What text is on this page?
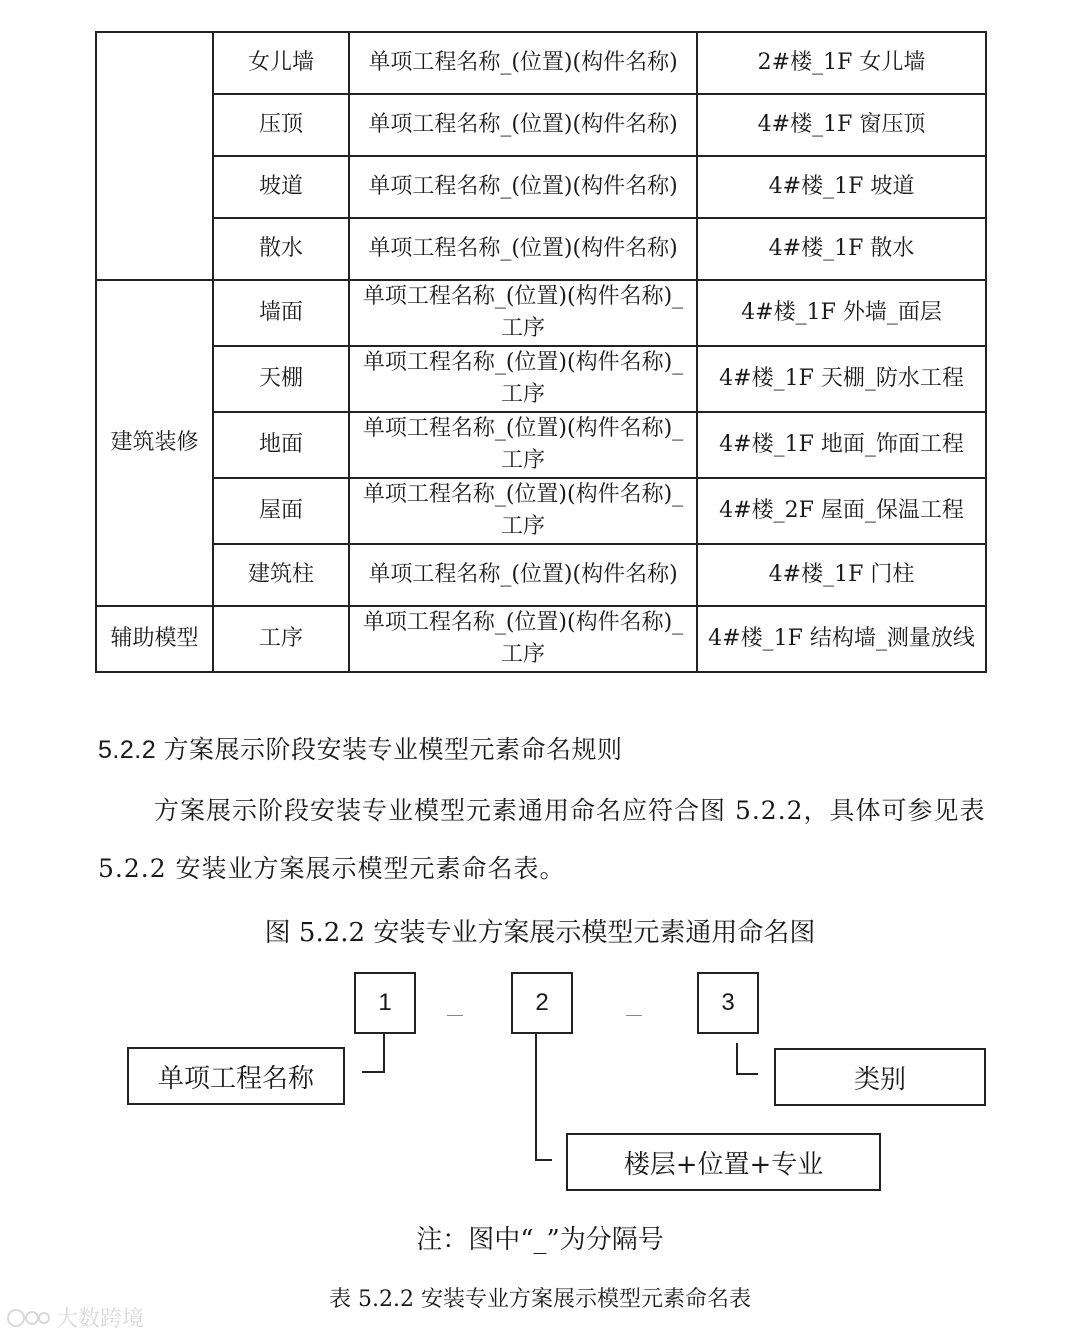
	女儿墙	单项工程名称_(位置)(构件名称)	2#楼_1F 女儿墙
	压顶	单项工程名称_(位置)(构件名称)	4#楼_1F 窗压顶
	坡道	单项工程名称_(位置)(构件名称)	4#楼_1F 坡道
	散水	单项工程名称_(位置)(构件名称)	4#楼_1F 散水
建筑装修	墙面	单项工程名称_(位置)(构件名称)_工序	4#楼_1F 外墙_面层
	天棚	单项工程名称_(位置)(构件名称)_工序	4#楼_1F 天棚_防水工程
	地面	单项工程名称_(位置)(构件名称)_工序	4#楼_1F 地面_饰面工程
	屋面	单项工程名称_(位置)(构件名称)_工序	4#楼_2F 屋面_保温工程
	建筑柱	单项工程名称_(位置)(构件名称)	4#楼_1F 门柱
辅助模型	工序	单项工程名称_(位置)(构件名称)_工序	4#楼_1F 结构墙_测量放线
5.2.2 方案展示阶段安装专业模型元素命名规则
方案展示阶段安装专业模型元素通用命名应符合图 5.2.2，具体可参见表 5.2.2 安装业方案展示模型元素命名表。
图 5.2.2 安装专业方案展示模型元素通用命名图
1	2	3
单项工程名称	类别
楼层+位置+专业
注：图中“_”为分隔号
表 5.2.2 安装专业方案展示模型元素命名表
大数跨境
